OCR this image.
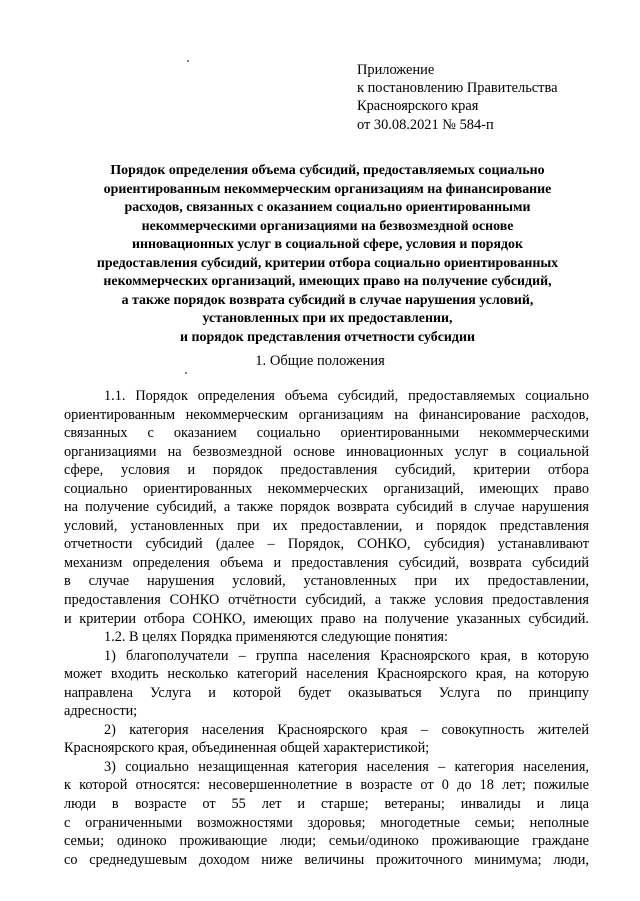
Приложение
к постановлению Правительства
Красноярского края
от 30.08.2021 № 584-п
Порядок определения объема субсидий, предоставляемых социально
ориентированным некоммерческим организациям на финансирование
расходов, связанных с оказанием социально ориентированными
некоммерческими организациями на безвозмездной основе
инновационных услуг в социальной сфере, условия и порядок
предоставления субсидий, критерии отбора социально ориентированных
некоммерческих организаций, имеющих право на получение субсидий,
а также порядок возврата субсидий в случае нарушения условий,
установленных при их предоставлении,
и порядок представления отчетности субсидии
1. Общие положения
1.1. Порядок определения объема субсидий, предоставляемых социально
ориентированным некоммерческим организациям на финансирование расходов,
связанных с оказанием социально ориентированными некоммерческими
организациями на безвозмездной основе инновационных услуг в социальной
сфере, условия и порядок предоставления субсидий, критерии отбора
социально ориентированных некоммерческих организаций, имеющих право
на получение субсидий, а также порядок возврата субсидий в случае нарушения
условий, установленных при их предоставлении, и порядок представления
отчетности субсидий (далее – Порядок, СОНКО, субсидия) устанавливают
механизм определения объема и предоставления субсидий, возврата субсидий
в случае нарушения условий, установленных при их предоставлении,
предоставления СОНКО отчётности субсидий, а также условия предоставления
и критерии отбора СОНКО, имеющих право на получение указанных субсидий.
1.2. В целях Порядка применяются следующие понятия:
1) благополучатели – группа населения Красноярского края, в которую
может входить несколько категорий населения Красноярского края, на которую
направлена Услуга и которой будет оказываться Услуга по принципу
адресности;
2) категория населения Красноярского края – совокупность жителей
Красноярского края, объединенная общей характеристикой;
3) социально незащищенная категория населения – категория населения,
к которой относятся: несовершеннолетние в возрасте от 0 до 18 лет; пожилые
люди в возрасте от 55 лет и старше; ветераны; инвалиды и лица
с ограниченными возможностями здоровья; многодетные семьи; неполные
семьи; одиноко проживающие люди; семьи/одиноко проживающие граждане
со среднедушевым доходом ниже величины прожиточного минимума; люди,
